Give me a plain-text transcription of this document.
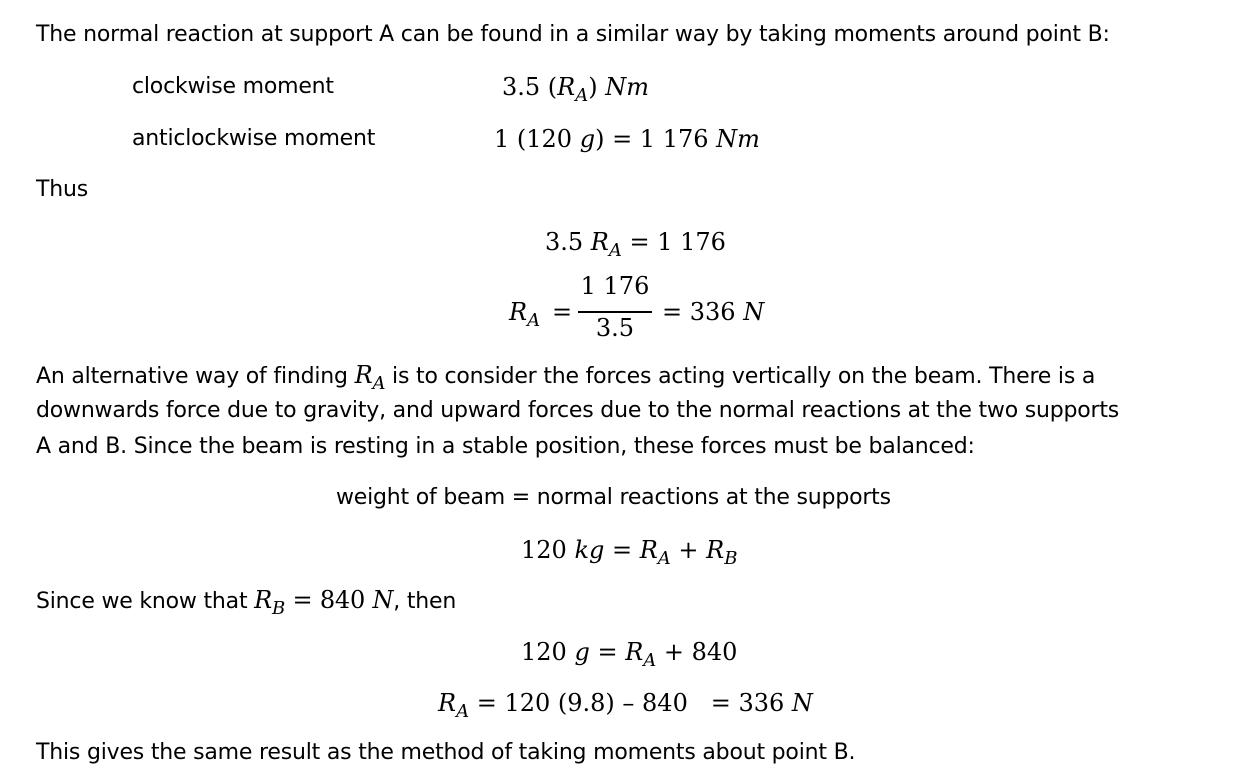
The normal reaction at support A can be found in a similar way by taking moments around point B:
clockwise moment	3.5 $(R_A)$ Nm
anticlockwise moment	1 (120 g) = 1 176 Nm
Thus
3.5 $R_A = 1$ 176
$R_A$ =
1 176
3.5
= 336 N
An alternative way of finding $R_A$ is to consider the forces acting vertically on the beam. There is a
downwards force due to gravity, and upward forces due to the normal reactions at the two supports
A and B. Since the beam is resting in a stable position, these forces must be balanced:
weight of beam = normal reactions at the supports
120 kg = $R_A + R_B$
Since we know that $R_B = 840$ N, then
120 $g = R_A + 840$
$R_A = 120$ (9.8) – 840   = 336 N
This gives the same result as the method of taking moments about point B.
